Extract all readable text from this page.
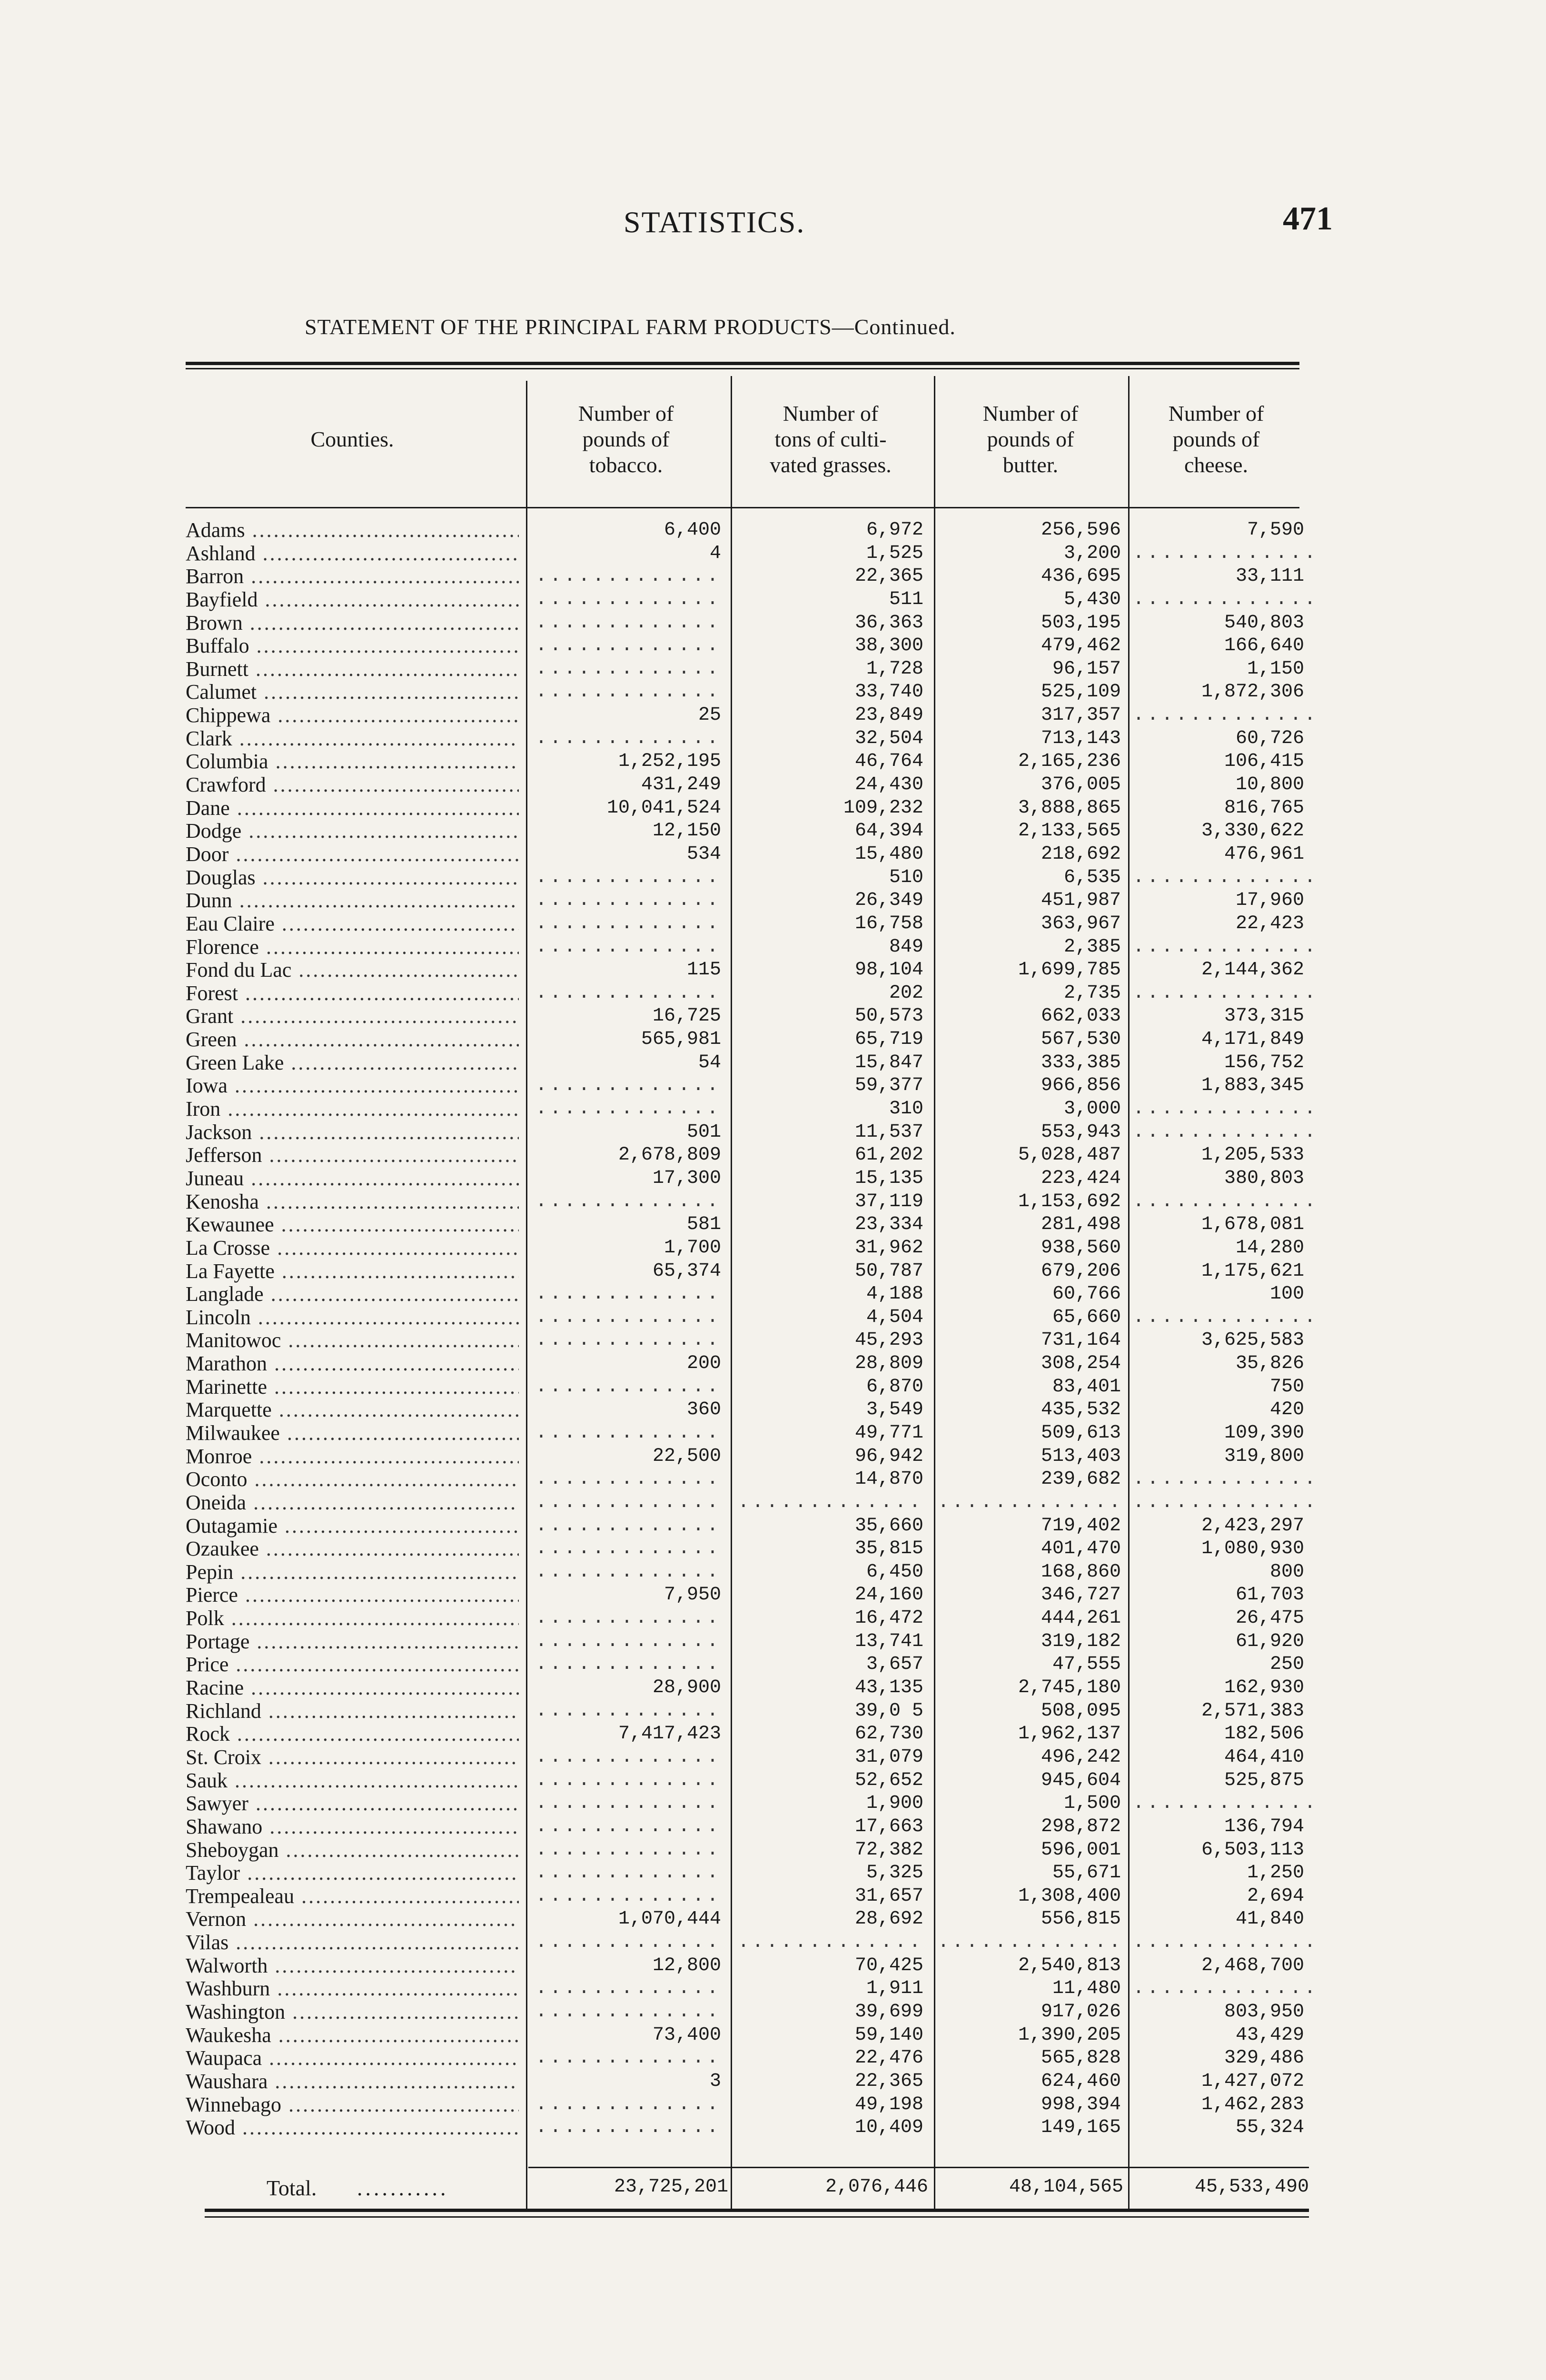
STATISTICS.	471
STATEMENT OF THE PRINCIPAL FARM PRODUCTS—Continued.
Counties.
Number of
pounds of
tobacco.
Number of
tons of culti-
vated grasses.
Number of
pounds of
butter.
Number of
pounds of
cheese.
Adams .....	6,400	6,972	256,596	7,590
Ashland .....	4	1,525	3,200 .............
Barron .....	.............	22,365	436,695	33,111
Bayfield .....	.............	511	5,430 .............
Brown .....	.............	36,363	503,195	540,803
Buffalo .....	.............	38,300	479,462	166,640
Burnett .....	.............	1,728	96,157	1,150
Calumet .....	.............	33,740	525,109	1,872,306
Chippewa .....	25	23,849	317,357 .............
Clark .....	.............	32,504	713,143	60,726
Columbia .....	1,252,195	46,764	2,165,236	106,415
Crawford .....	431,249	24,430	376,005	10,800
Dane .....	10,041,524	109,232	3,888,865	816,765
Dodge .....	12,150	64,394	2,133,565	3,330,622
Door .....	534	15,480	218,692	476,961
Douglas .....	.............	510	6,535 .............
Dunn .....	.............	26,349	451,987	17,960
Eau Claire .....	.............	16,758	363,967	22,423
Florence .....	.............	849	2,385 .............
Fond du Lac .....	115	98,104	1,699,785	2,144,362
Forest .....	.............	202	2,735 .............
Grant .....	16,725	50,573	662,033	373,315
Green .....	565,981	65,719	567,530	4,171,849
Green Lake .....	54	15,847	333,385	156,752
Iowa .....	.............	59,377	966,856	1,883,345
Iron .....	.............	310	3,000 .............
Jackson .....	501	11,537	553,943 .............
Jefferson .....	2,678,809	61,202	5,028,487	1,205,533
Juneau .....	17,300	15,135	223,424	380,803
Kenosha .....	.............	37,119	1,153,692 .............
Kewaunee .....	581	23,334	281,498	1,678,081
La Crosse .....	1,700	31,962	938,560	14,280
La Fayette .....	65,374	50,787	679,206	1,175,621
Langlade .....	.............	4,188	60,766	100
Lincoln .....	.............	4,504	65,660 .............
Manitowoc .....	.............	45,293	731,164	3,625,583
Marathon .....	200	28,809	308,254	35,826
Marinette .....	.............	6,870	83,401	750
Marquette .....	360	3,549	435,532	420
Milwaukee .....	.............	49,771	509,613	109,390
Monroe .....	22,500	96,942	513,403	319,800
Oconto .....	.............	14,870	239,682 .............
Oneida .....	............. ............. ............. .............
Outagamie .....	.............	35,660	719,402	2,423,297
Ozaukee .....	.............	35,815	401,470	1,080,930
Pepin .....	.............	6,450	168,860	800
Pierce .....	7,950	24,160	346,727	61,703
Polk .....	.............	16,472	444,261	26,475
Portage .....	.............	13,741	319,182	61,920
Price .....	.............	3,657	47,555	250
Racine .....	28,900	43,135	2,745,180	162,930
Richland .....	.............	39,0 5	508,095	2,571,383
Rock .....	7,417,423	62,730	1,962,137	182,506
St. Croix .....	.............	31,079	496,242	464,410
Sauk .....	.............	52,652	945,604	525,875
Sawyer .....	.............	1,900	1,500 .............
Shawano .....	.............	17,663	298,872	136,794
Sheboygan .....	.............	72,382	596,001	6,503,113
Taylor .....	.............	5,325	55,671	1,250
Trempealeau .....	.............	31,657	1,308,400	2,694
Vernon .....	1,070,444	28,692	556,815	41,840
Vilas .....	............. ............. ............. .............
Walworth .....	12,800	70,425	2,540,813	2,468,700
Washburn .....	.............	1,911	11,480 .............
Washington .....	.............	39,699	917,026	803,950
Waukesha .....	73,400	59,140	1,390,205	43,429
Waupaca .....	.............	22,476	565,828	329,486
Waushara .....	3	22,365	624,460	1,427,072
Winnebago .....	.............	49,198	998,394	1,462,283
Wood .....	.............	10,409	149,165	55,324
Total. ...........	23,725,201	2,076,446	48,104,565	45,533,490
